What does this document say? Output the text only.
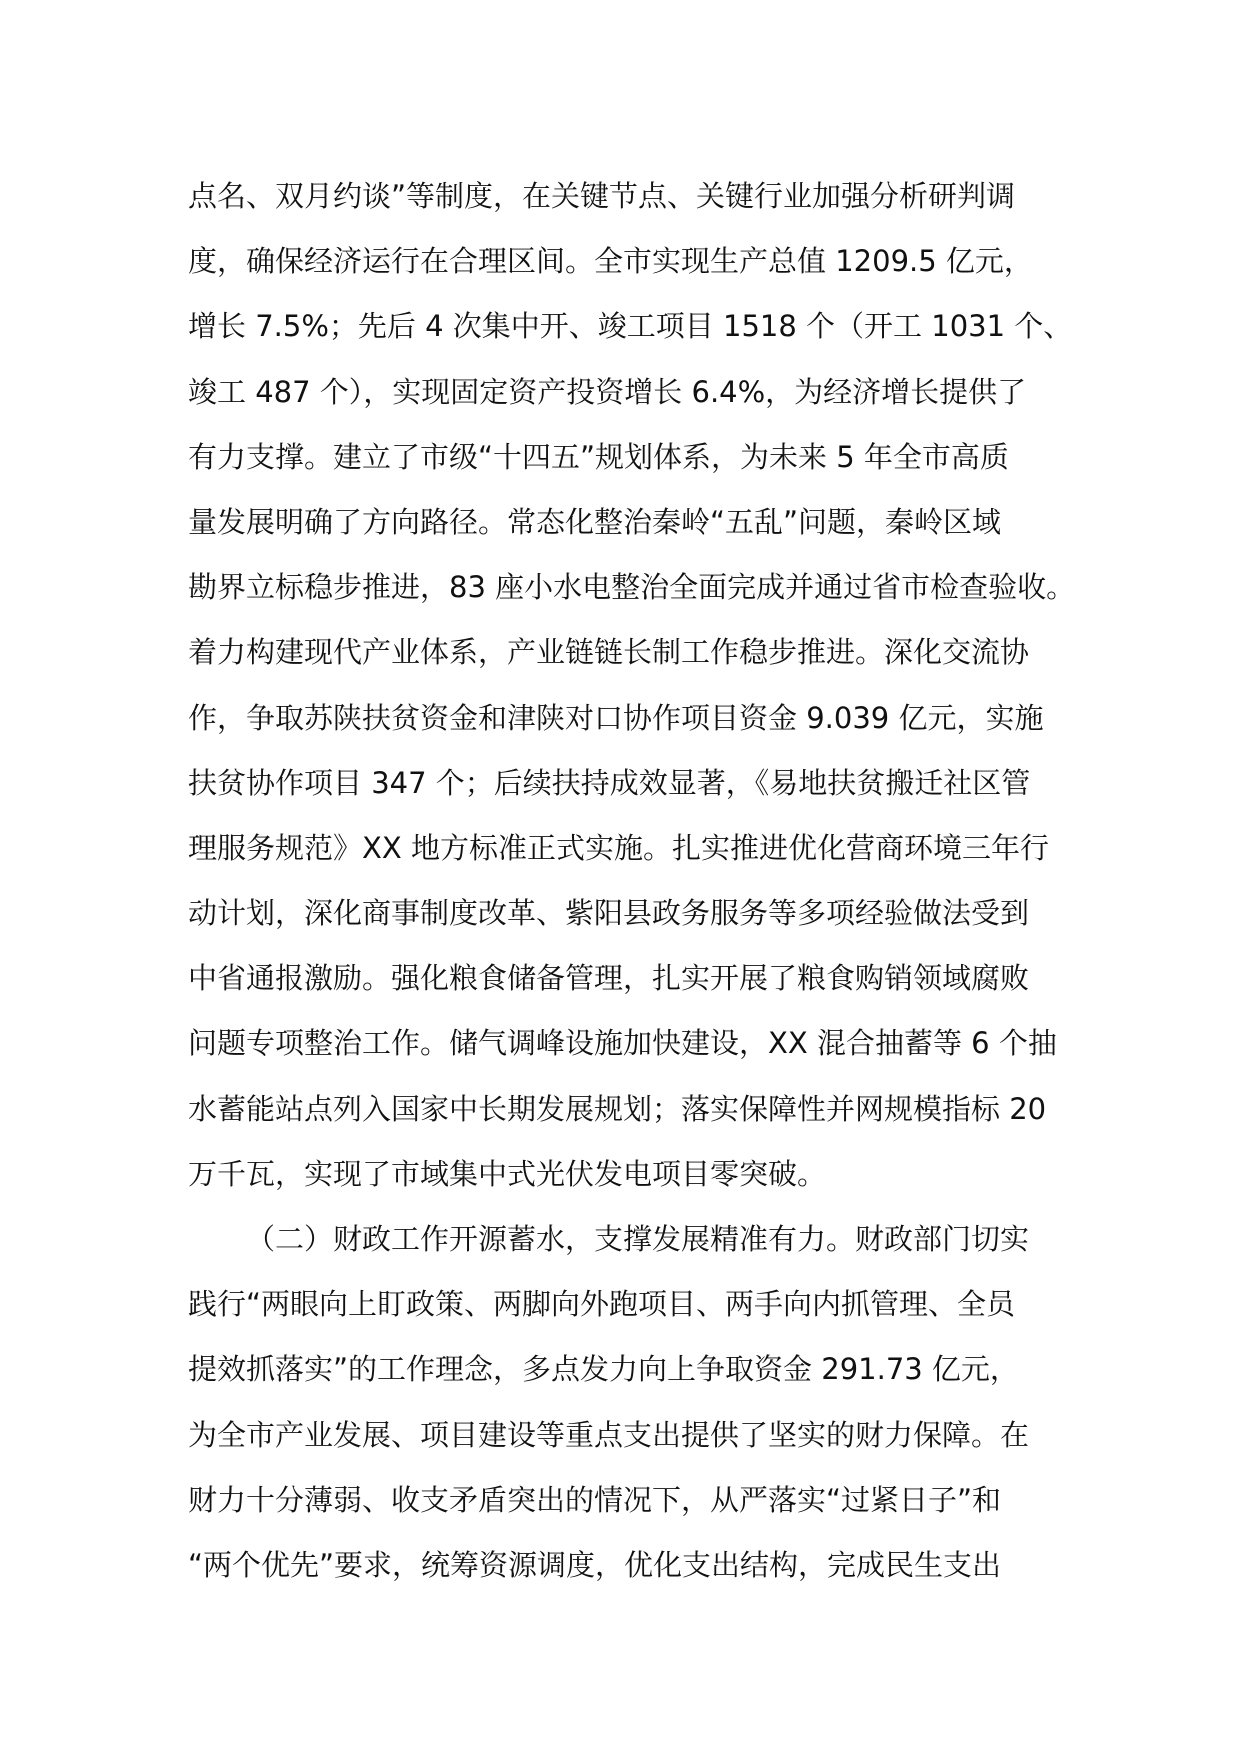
点名、双月约谈”等制度，在关键节点、关键行业加强分析研判调
度，确保经济运行在合理区间。全市实现生产总值 1209.5 亿元，
增长 7.5%；先后 4 次集中开、竣工项目 1518 个（开工 1031 个、
竣工 487 个），实现固定资产投资增长 6.4%，为经济增长提供了
有力支撑。建立了市级“十四五”规划体系，为未来 5 年全市高质
量发展明确了方向路径。常态化整治秦岭“五乱”问题，秦岭区域
勘界立标稳步推进，83 座小水电整治全面完成并通过省市检查验收。
着力构建现代产业体系，产业链链长制工作稳步推进。深化交流协
作，争取苏陕扶贫资金和津陕对口协作项目资金 9.039 亿元，实施
扶贫协作项目 347 个；后续扶持成效显著，《易地扶贫搬迁社区管
理服务规范》XX 地方标准正式实施。扎实推进优化营商环境三年行
动计划，深化商事制度改革、紫阳县政务服务等多项经验做法受到
中省通报激励。强化粮食储备管理，扎实开展了粮食购销领域腐败
问题专项整治工作。储气调峰设施加快建设，XX 混合抽蓄等 6 个抽
水蓄能站点列入国家中长期发展规划；落实保障性并网规模指标 20
万千瓦，实现了市域集中式光伏发电项目零突破。
（二）财政工作开源蓄水，支撑发展精准有力。财政部门切实
践行“两眼向上盯政策、两脚向外跑项目、两手向内抓管理、全员
提效抓落实”的工作理念，多点发力向上争取资金 291.73 亿元，
为全市产业发展、项目建设等重点支出提供了坚实的财力保障。在
财力十分薄弱、收支矛盾突出的情况下，从严落实“过紧日子”和
“两个优先”要求，统筹资源调度，优化支出结构，完成民生支出
